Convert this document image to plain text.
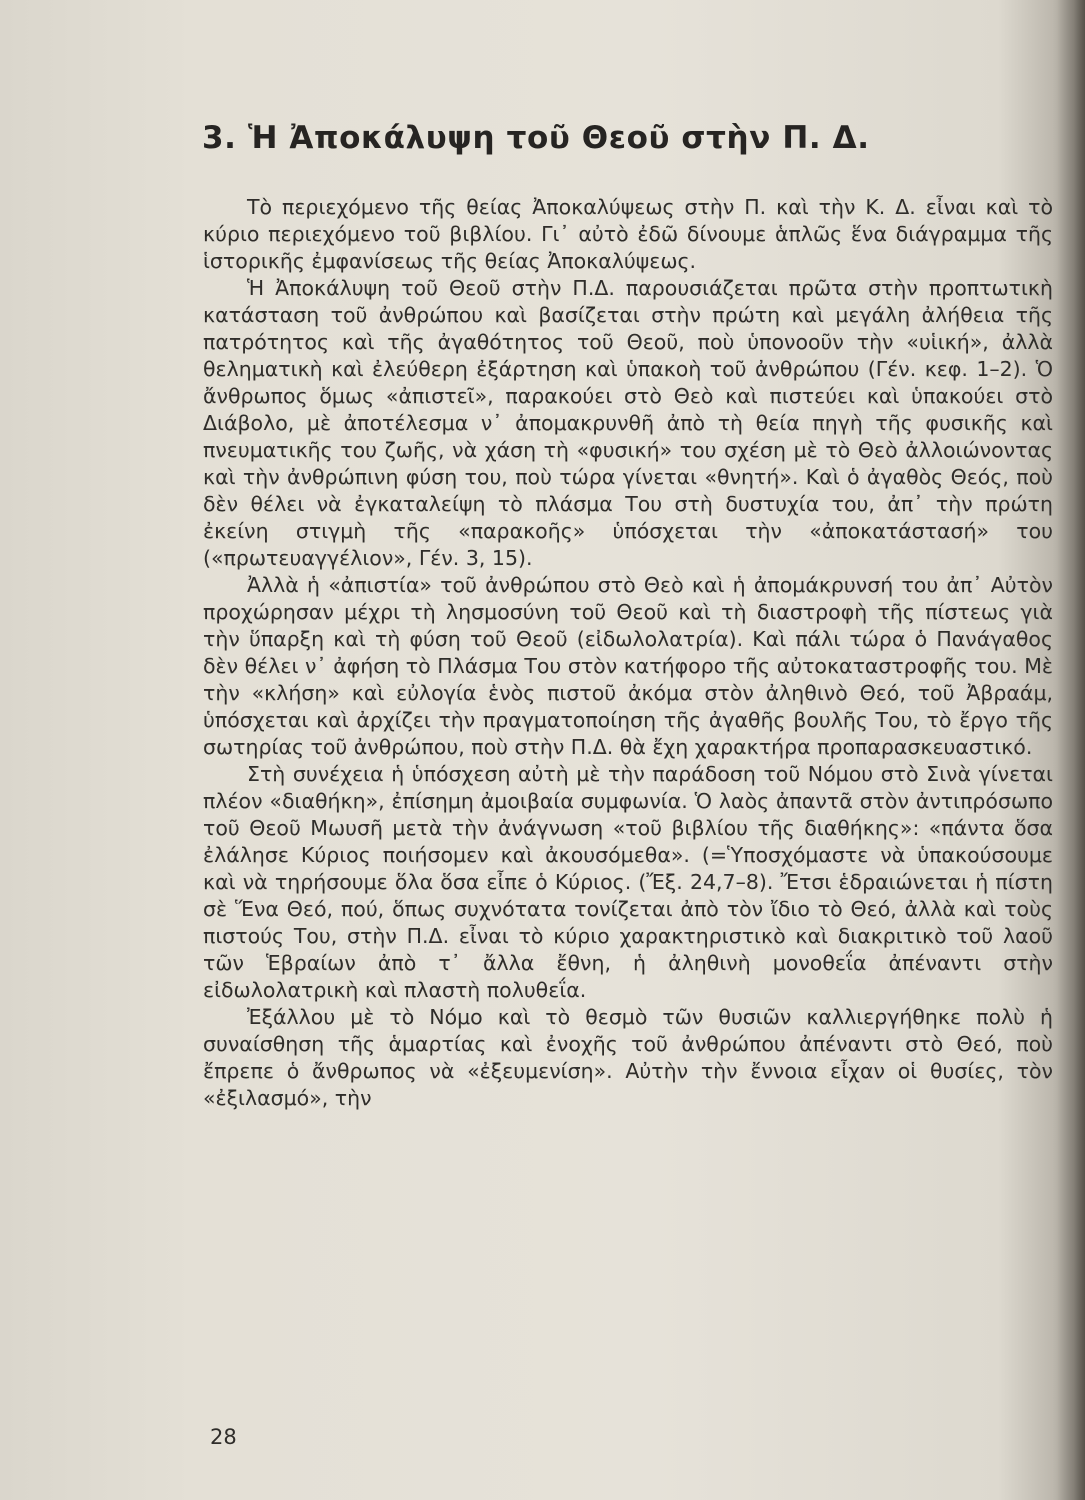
3. Ἡ Ἀποκάλυψη τοῦ Θεοῦ στὴν Π. Δ.

Τὸ περιεχόμενο τῆς θείας Ἀποκαλύψεως στὴν Π. καὶ τὴν Κ. Δ. εἶναι καὶ τὸ κύριο περιεχόμενο τοῦ βιβλίου. Γι᾽ αὐτὸ ἐδῶ δίνουμε ἁπλῶς ἕνα διάγραμμα τῆς ἱστορικῆς ἐμφανίσεως τῆς θείας Ἀποκαλύψεως.

Ἡ Ἀποκάλυψη τοῦ Θεοῦ στὴν Π.Δ. παρουσιάζεται πρῶτα στὴν προπτωτικὴ κατάσταση τοῦ ἀνθρώπου καὶ βασίζεται στὴν πρώτη καὶ μεγάλη ἀλήθεια τῆς πατρότητος καὶ τῆς ἀγαθότητος τοῦ Θεοῦ, ποὺ ὑπονοοῦν τὴν «υἱική», ἀλλὰ θεληματικὴ καὶ ἐλεύθερη ἐξάρτηση καὶ ὑπακοὴ τοῦ ἀνθρώπου (Γέν. κεφ. 1–2). Ὁ ἄνθρωπος ὅμως «ἀπιστεῖ», παρακούει στὸ Θεὸ καὶ πιστεύει καὶ ὑπακούει στὸ Διάβολο, μὲ ἀποτέλεσμα ν᾽ ἀπομακρυνθῆ ἀπὸ τὴ θεία πηγὴ τῆς φυσικῆς καὶ πνευματικῆς του ζωῆς, νὰ χάση τὴ «φυσική» του σχέση μὲ τὸ Θεὸ ἀλλοιώνοντας καὶ τὴν ἀνθρώπινη φύση του, ποὺ τώρα γίνεται «θνητή». Καὶ ὁ ἀγαθὸς Θεός, ποὺ δὲν θέλει νὰ ἐγκαταλείψη τὸ πλάσμα Του στὴ δυστυχία του, ἀπ᾽ τὴν πρώτη ἐκείνη στιγμὴ τῆς «παρακοῆς» ὑπόσχεται τὴν «ἀποκατάστασή» του («πρωτευαγγέλιον», Γέν. 3, 15).

Ἀλλὰ ἡ «ἀπιστία» τοῦ ἀνθρώπου στὸ Θεὸ καὶ ἡ ἀπομάκρυνσή του ἀπ᾽ Αὐτὸν προχώρησαν μέχρι τὴ λησμοσύνη τοῦ Θεοῦ καὶ τὴ διαστροφὴ τῆς πίστεως γιὰ τὴν ὕπαρξη καὶ τὴ φύση τοῦ Θεοῦ (εἰδωλολατρία). Καὶ πάλι τώρα ὁ Πανάγαθος δὲν θέλει ν᾽ ἀφήση τὸ Πλάσμα Του στὸν κατήφορο τῆς αὐτοκαταστροφῆς του. Μὲ τὴν «κλήση» καὶ εὐλογία ἑνὸς πιστοῦ ἀκόμα στὸν ἀληθινὸ Θεό, τοῦ Ἀβραάμ, ὑπόσχεται καὶ ἀρχίζει τὴν πραγματοποίηση τῆς ἀγαθῆς βουλῆς Του, τὸ ἔργο τῆς σωτηρίας τοῦ ἀνθρώπου, ποὺ στὴν Π.Δ. θὰ ἔχη χαρακτήρα προπαρασκευαστικό.

Στὴ συνέχεια ἡ ὑπόσχεση αὐτὴ μὲ τὴν παράδοση τοῦ Νόμου στὸ Σινὰ γίνεται πλέον «διαθήκη», ἐπίσημη ἀμοιβαία συμφωνία. Ὁ λαὸς ἀπαντᾶ στὸν ἀντιπρόσωπο τοῦ Θεοῦ Μωυσῆ μετὰ τὴν ἀνάγνωση «τοῦ βιβλίου τῆς διαθήκης»: «πάντα ὅσα ἐλάλησε Κύριος ποιήσομεν καὶ ἀκουσόμεθα». (=Ὑποσχόμαστε νὰ ὑπακούσουμε καὶ νὰ τηρήσουμε ὅλα ὅσα εἶπε ὁ Κύριος. (Ἔξ. 24,7–8). Ἔτσι ἑδραιώνεται ἡ πίστη σὲ Ἕνα Θεό, πού, ὅπως συχνότατα τονίζεται ἀπὸ τὸν ἴδιο τὸ Θεό, ἀλλὰ καὶ τοὺς πιστούς Του, στὴν Π.Δ. εἶναι τὸ κύριο χαρακτηριστικὸ καὶ διακριτικὸ τοῦ λαοῦ τῶν Ἑβραίων ἀπὸ τ᾽ ἄλλα ἔθνη, ἡ ἀληθινὴ μονοθεΐα ἀπέναντι στὴν εἰδωλολατρικὴ καὶ πλαστὴ πολυθεΐα.

Ἐξάλλου μὲ τὸ Νόμο καὶ τὸ θεσμὸ τῶν θυσιῶν καλλιεργήθηκε πολὺ ἡ συναίσθηση τῆς ἁμαρτίας καὶ ἐνοχῆς τοῦ ἀνθρώπου ἀπέναντι στὸ Θεό, ποὺ ἔπρεπε ὁ ἄνθρωπος νὰ «ἐξευμενίση». Αὐτὴν τὴν ἔννοια εἶχαν οἱ θυσίες, τὸν «ἐξιλασμό», τὴν

28
